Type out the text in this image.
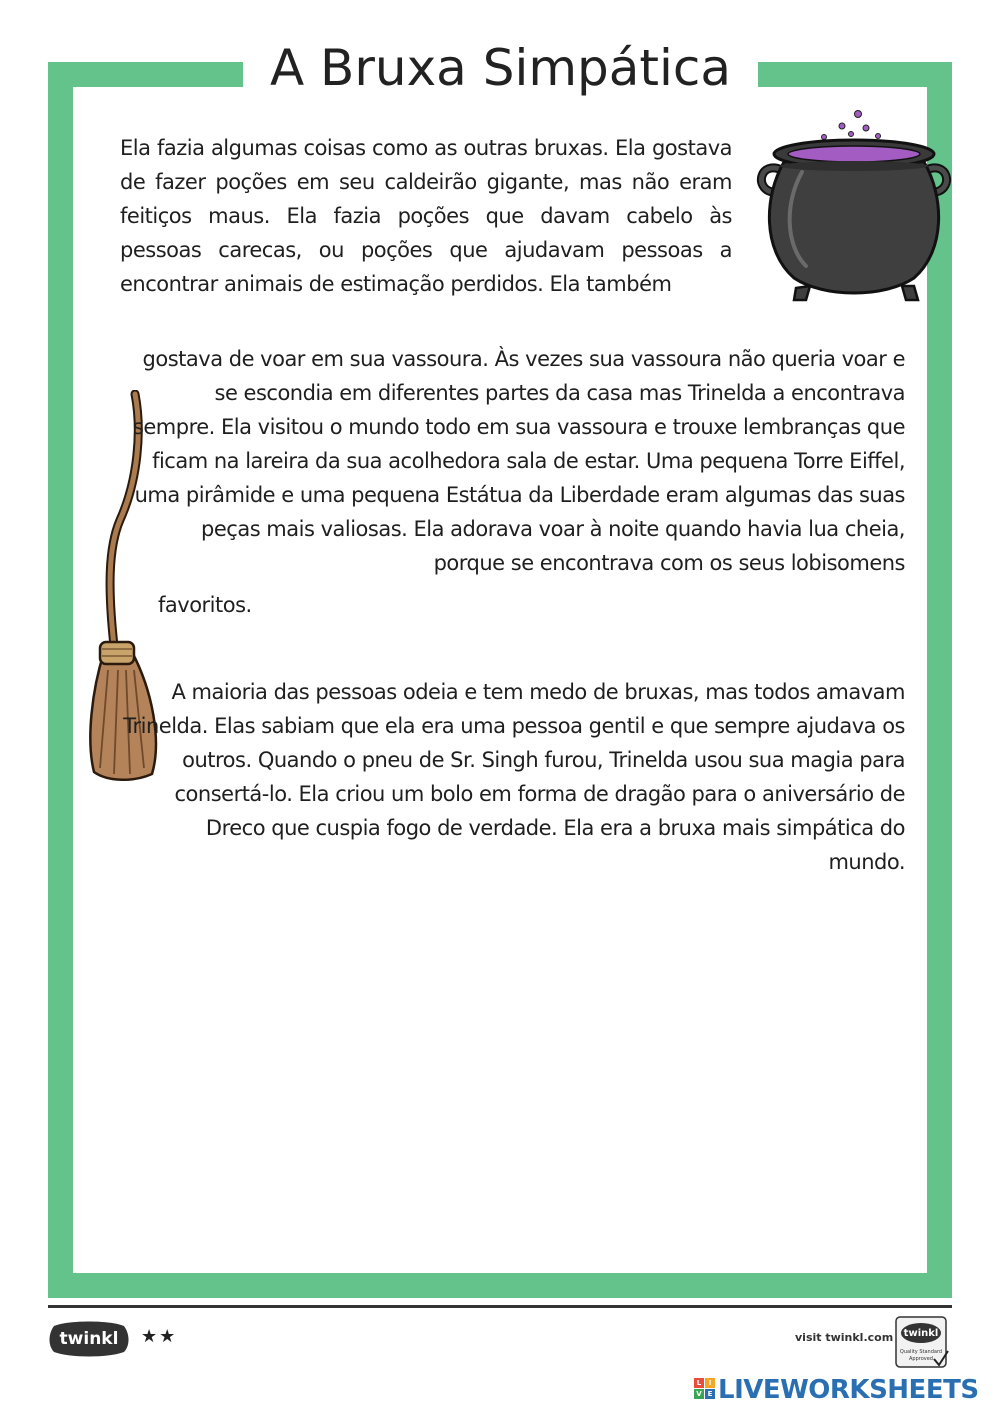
A Bruxa Simpática

Ela fazia algumas coisas como as outras bruxas. Ela gostava de fazer poções em seu caldeirão gigante, mas não eram feitiços maus. Ela fazia poções que davam cabelo às pessoas carecas, ou poções que ajudavam pessoas a encontrar animais de estimação perdidos. Ela também

gostava de voar em sua vassoura. Às vezes sua vassoura não queria voar e se escondia em diferentes partes da casa mas Trinelda a encontrava sempre. Ela visitou o mundo todo em sua vassoura e trouxe lembranças que ficam na lareira da sua acolhedora sala de estar. Uma pequena Torre Eiffel, uma pirâmide e uma pequena Estátua da Liberdade eram algumas das suas peças mais valiosas. Ela adorava voar à noite quando havia lua cheia, porque se encontrava com os seus lobisomens
favoritos.

A maioria das pessoas odeia e tem medo de bruxas, mas todos amavam Trinelda. Elas sabiam que ela era uma pessoa gentil e que sempre ajudava os outros. Quando o pneu de Sr. Singh furou, Trinelda usou sua magia para consertá-lo. Ela criou um bolo em forma de dragão para o aniversário de Dreco que cuspia fogo de verdade. Ela era a bruxa mais simpática do
mundo.

twinkl	★★	visit twinkl.com twinkl
Quality Standard
Approved
L	I
V E LIVEWORKSHEETS
